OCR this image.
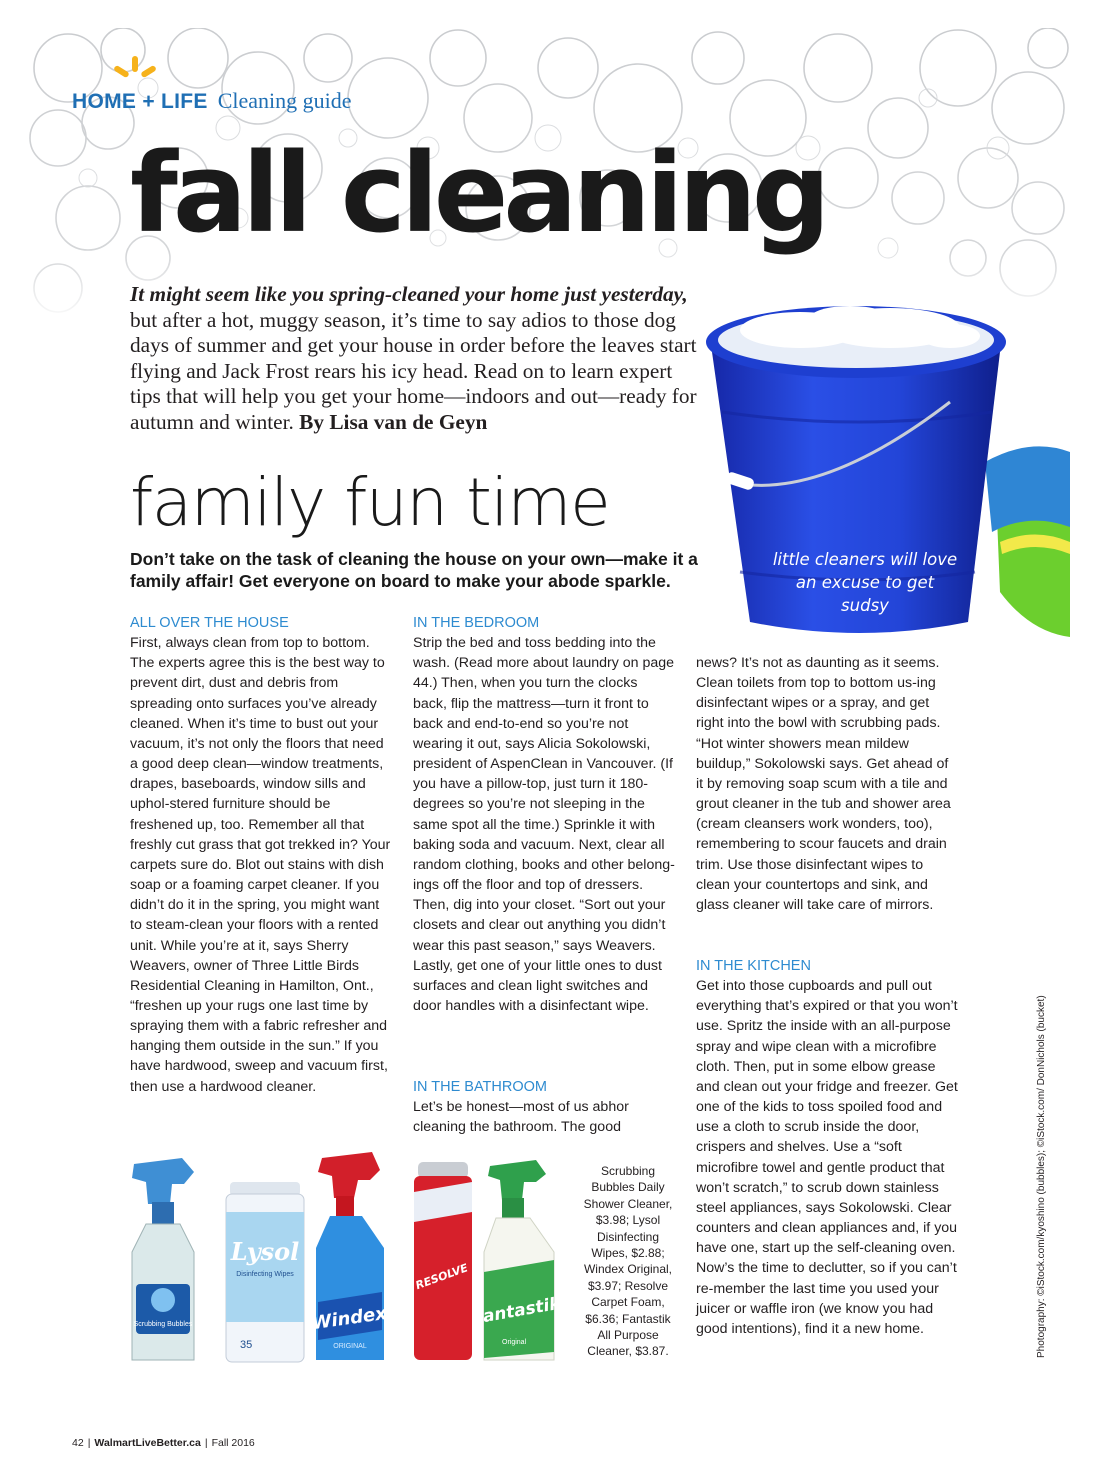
HOME + LIFE Cleaning guide
fall cleaning

It might seem like you spring-cleaned your home just yesterday, but after a hot, muggy season, it’s time to say adios to those dog days of summer and get your house in order before the leaves start flying and Jack Frost rears his icy head. Read on to learn expert tips that will help you get your home—indoors and out—ready for autumn and winter. By Lisa van de Geyn

family fun time

Don’t take on the task of cleaning the house on your own—make it a family affair! Get everyone on board to make your abode sparkle.

little cleaners will love an excuse to get sudsy
ALL OVER THE HOUSE
First, always clean from top to bottom. The experts agree this is the best way to prevent dirt, dust and debris from spreading onto surfaces you’ve already cleaned. When it’s time to bust out your vacuum, it’s not only the floors that need a good deep clean—window treatments, drapes, baseboards, window sills and uphol-stered furniture should be freshened up, too. Remember all that freshly cut grass that got trekked in? Your carpets sure do. Blot out stains with dish soap or a foaming carpet cleaner. If you didn’t do it in the spring, you might want to steam-clean your floors with a rented unit. While you’re at it, says Sherry Weavers, owner of Three Little Birds Residential Cleaning in Hamilton, Ont., “freshen up your rugs one last time by spraying them with a fabric refresher and hanging them outside in the sun.” If you have hardwood, sweep and vacuum first, then use a hardwood cleaner.
IN THE BEDROOM
Strip the bed and toss bedding into the wash. (Read more about laundry on page 44.) Then, when you turn the clocks back, flip the mattress—turn it front to back and end-to-end so you’re not wearing it out, says Alicia Sokolowski, president of AspenClean in Vancouver. (If you have a pillow-top, just turn it 180-degrees so you’re not sleeping in the same spot all the time.) Sprinkle it with baking soda and vacuum. Next, clear all random clothing, books and other belong-ings off the floor and top of dressers. Then, dig into your closet. “Sort out your closets and clear out anything you didn’t wear this past season,” says Weavers. Lastly, get one of your little ones to dust surfaces and clean light switches and door handles with a disinfectant wipe.
IN THE BATHROOM
Let’s be honest—most of us abhor cleaning the bathroom. The good
news? It’s not as daunting as it seems. Clean toilets from top to bottom us-ing disinfectant wipes or a spray, and get right into the bowl with scrubbing pads. “Hot winter showers mean mildew buildup,” Sokolowski says. Get ahead of it by removing soap scum with a tile and grout cleaner in the tub and shower area (cream cleansers work wonders, too), remembering to scour faucets and drain trim. Use those disinfectant wipes to clean your countertops and sink, and glass cleaner will take care of mirrors.
IN THE KITCHEN
Get into those cupboards and pull out everything that’s expired or that you won’t use. Spritz the inside with an all-purpose spray and wipe clean with a microfibre cloth. Then, put in some elbow grease and clean out your fridge and freezer. Get one of the kids to toss spoiled food and use a cloth to scrub inside the door, crispers and shelves. Use a “soft microfibre towel and gentle product that won’t scratch,” to scrub down stainless steel appliances, says Sokolowski. Clear counters and clean appliances and, if you have one, start up the self-cleaning oven. Now’s the time to declutter, so if you can’t re-member the last time you used your juicer or waffle iron (we know you had good intentions), find it a new home.
Scrubbing Bubbles
Lysol
Disinfecting Wipes
35
Windex
ORIGINAL
RESOLVE
fantastik
Original
Scrubbing Bubbles Daily Shower Cleaner, $3.98; Lysol Disinfecting Wipes, $2.88; Windex Original, $3.97; Resolve Carpet Foam, $6.36; Fantastik All Purpose Cleaner, $3.87.	Photography: ©iStock.com/kyoshino (bubbles); ©iStock.com/ DonNichols (bucket)
42 | WalmartLiveBetter.ca | Fall 2016
